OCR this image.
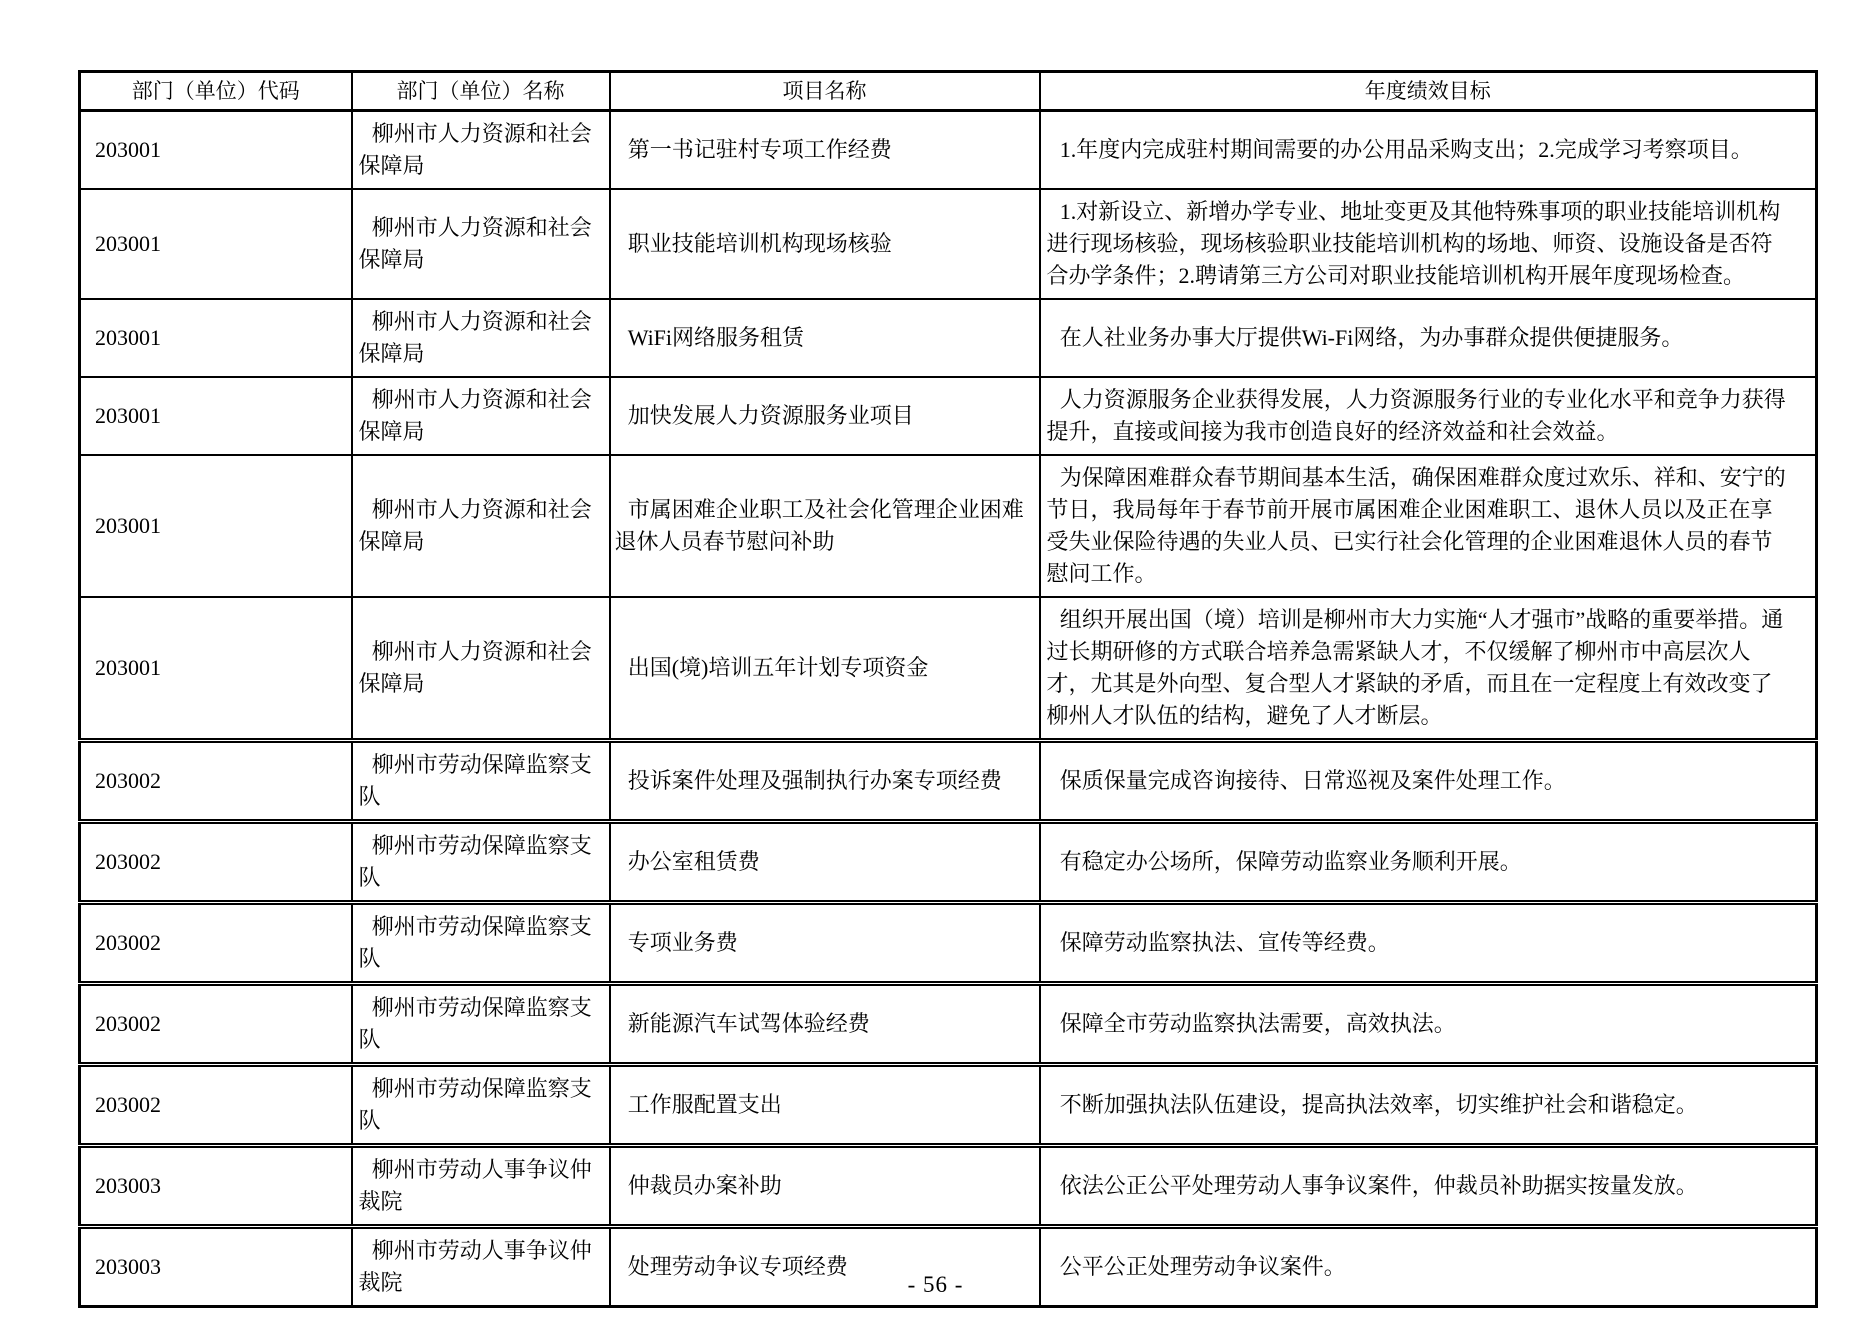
部门（单位）代码	部门（单位）名称	项目名称	年度绩效目标
203001	柳州市人力资源和社会保障局	第一书记驻村专项工作经费	1.年度内完成驻村期间需要的办公用品采购支出；2.完成学习考察项目。
203001	柳州市人力资源和社会保障局	职业技能培训机构现场核验	1.对新设立、新增办学专业、地址变更及其他特殊事项的职业技能培训机构进行现场核验，现场核验职业技能培训机构的场地、师资、设施设备是否符合办学条件；2.聘请第三方公司对职业技能培训机构开展年度现场检查。
203001	柳州市人力资源和社会保障局	WiFi网络服务租赁	在人社业务办事大厅提供Wi-Fi网络，为办事群众提供便捷服务。
203001	柳州市人力资源和社会保障局	加快发展人力资源服务业项目	人力资源服务企业获得发展，人力资源服务行业的专业化水平和竞争力获得提升，直接或间接为我市创造良好的经济效益和社会效益。
203001	柳州市人力资源和社会保障局	市属困难企业职工及社会化管理企业困难退休人员春节慰问补助	为保障困难群众春节期间基本生活，确保困难群众度过欢乐、祥和、安宁的节日，我局每年于春节前开展市属困难企业困难职工、退休人员以及正在享受失业保险待遇的失业人员、已实行社会化管理的企业困难退休人员的春节慰问工作。
203001	柳州市人力资源和社会保障局	出国(境)培训五年计划专项资金	组织开展出国（境）培训是柳州市大力实施“人才强市”战略的重要举措。通过长期研修的方式联合培养急需紧缺人才，不仅缓解了柳州市中高层次人才，尤其是外向型、复合型人才紧缺的矛盾，而且在一定程度上有效改变了柳州人才队伍的结构，避免了人才断层。
203002	柳州市劳动保障监察支队	投诉案件处理及强制执行办案专项经费	保质保量完成咨询接待、日常巡视及案件处理工作。
203002	柳州市劳动保障监察支队	办公室租赁费	有稳定办公场所，保障劳动监察业务顺利开展。
203002	柳州市劳动保障监察支队	专项业务费	保障劳动监察执法、宣传等经费。
203002	柳州市劳动保障监察支队	新能源汽车试驾体验经费	保障全市劳动监察执法需要，高效执法。
203002	柳州市劳动保障监察支队	工作服配置支出	不断加强执法队伍建设，提高执法效率，切实维护社会和谐稳定。
203003	柳州市劳动人事争议仲裁院	仲裁员办案补助	依法公正公平处理劳动人事争议案件，仲裁员补助据实按量发放。
203003	柳州市劳动人事争议仲裁院	处理劳动争议专项经费	公平公正处理劳动争议案件。
- 56 -
